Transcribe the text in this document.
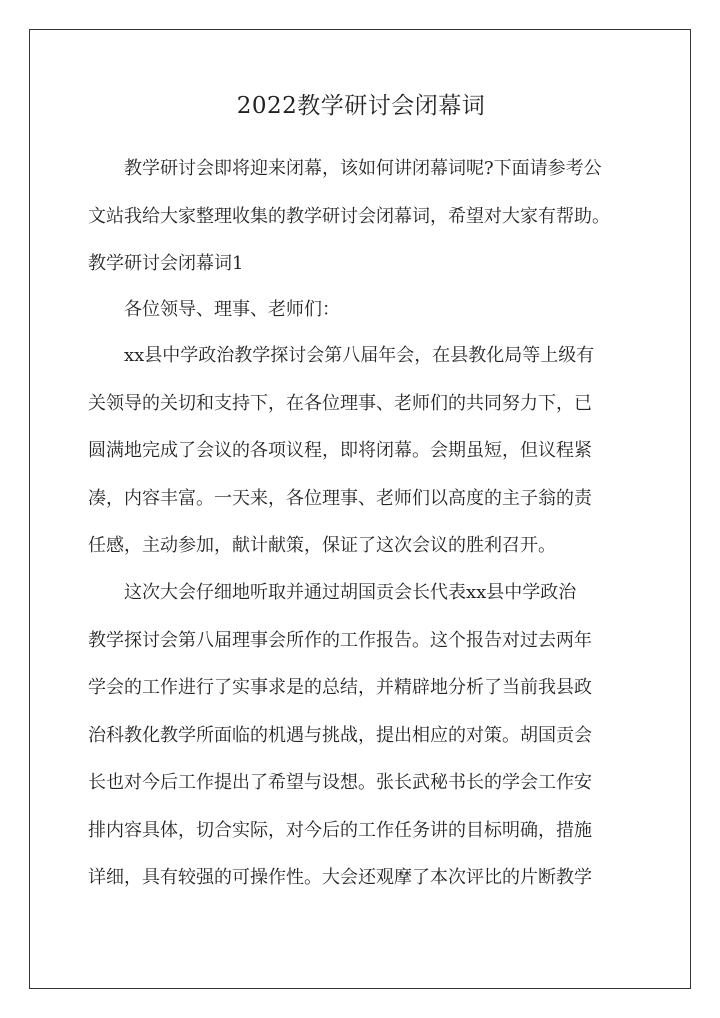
2022教学研讨会闭幕词

教学研讨会即将迎来闭幕，该如何讲闭幕词呢?下面请参考公
文站我给大家整理收集的教学研讨会闭幕词，希望对大家有帮助。

教学研讨会闭幕词1

各位领导、理事、老师们：

xx县中学政治教学探讨会第八届年会，在县教化局等上级有
关领导的关切和支持下，在各位理事、老师们的共同努力下，已
圆满地完成了会议的各项议程，即将闭幕。会期虽短，但议程紧
凑，内容丰富。一天来，各位理事、老师们以高度的主子翁的责
任感，主动参加，献计献策，保证了这次会议的胜利召开。

这次大会仔细地听取并通过胡国贡会长代表xx县中学政治
教学探讨会第八届理事会所作的工作报告。这个报告对过去两年
学会的工作进行了实事求是的总结，并精辟地分析了当前我县政
治科教化教学所面临的机遇与挑战，提出相应的对策。胡国贡会
长也对今后工作提出了希望与设想。张长武秘书长的学会工作安
排内容具体，切合实际，对今后的工作任务讲的目标明确，措施
详细，具有较强的可操作性。大会还观摩了本次评比的片断教学
